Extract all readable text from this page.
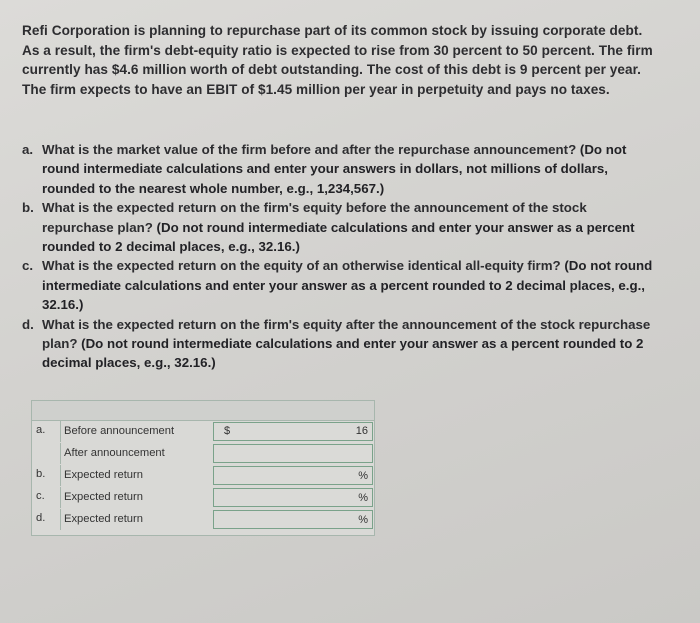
Refi Corporation is planning to repurchase part of its common stock by issuing corporate debt. As a result, the firm's debt-equity ratio is expected to rise from 30 percent to 50 percent. The firm currently has $4.6 million worth of debt outstanding. The cost of this debt is 9 percent per year. The firm expects to have an EBIT of $1.45 million per year in perpetuity and pays no taxes.
a. What is the market value of the firm before and after the repurchase announcement? (Do not round intermediate calculations and enter your answers in dollars, not millions of dollars, rounded to the nearest whole number, e.g., 1,234,567.)
b. What is the expected return on the firm's equity before the announcement of the stock repurchase plan? (Do not round intermediate calculations and enter your answer as a percent rounded to 2 decimal places, e.g., 32.16.)
c. What is the expected return on the equity of an otherwise identical all-equity firm? (Do not round intermediate calculations and enter your answer as a percent rounded to 2 decimal places, e.g., 32.16.)
d. What is the expected return on the firm's equity after the announcement of the stock repurchase plan? (Do not round intermediate calculations and enter your answer as a percent rounded to 2 decimal places, e.g., 32.16.)
a.	Before announcement	$	16
After announcement
b.	Expected return	%
c.	Expected return	%
d.	Expected return	%
